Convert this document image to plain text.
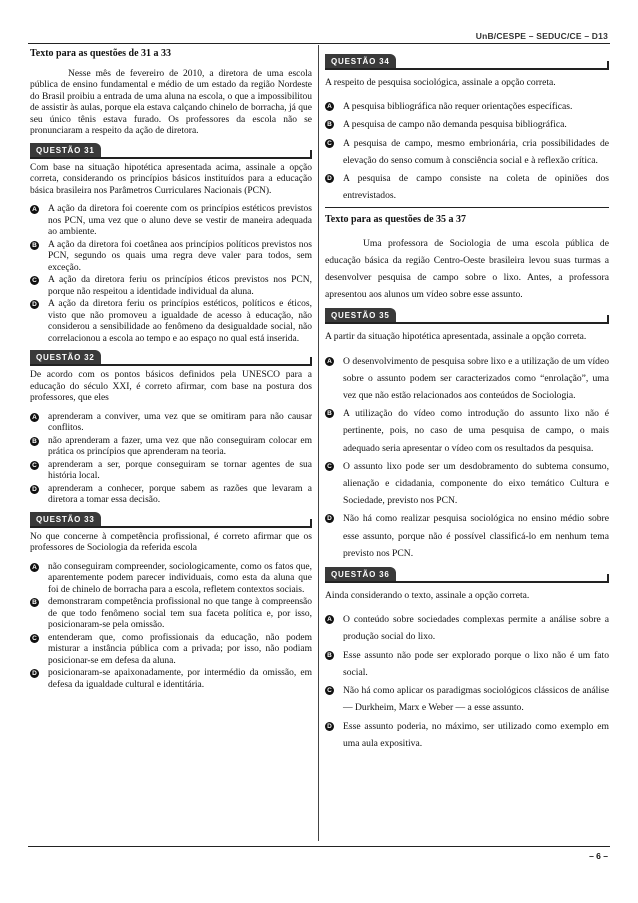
UnB/CESPE – SEDUC/CE – D13

Texto para as questões de 31 a 33

Nesse mês de fevereiro de 2010, a diretora de uma escola pública de ensino fundamental e médio de um estado da região Nordeste do Brasil proibiu a entrada de uma aluna na escola, o que a impossibilitou de assistir às aulas, porque ela estava calçando chinelo de borracha, já que seu único tênis estava furado. Os professores da escola não se pronunciaram a respeito da ação de diretora.

QUESTÃO 31

Com base na situação hipotética apresentada acima, assinale a opção correta, considerando os princípios básicos instituídos para a educação básica brasileira nos Parâmetros Curriculares Nacionais (PCN).

A A ação da diretora foi coerente com os princípios estéticos previstos nos PCN, uma vez que o aluno deve se vestir de maneira adequada ao ambiente.
B A ação da diretora foi coetânea aos princípios políticos previstos nos PCN, segundo os quais uma regra deve valer para todos, sem exceção.
C A ação da diretora feriu os princípios éticos previstos nos PCN, porque não respeitou a identidade individual da aluna.
D A ação da diretora feriu os princípios estéticos, políticos e éticos, visto que não promoveu a igualdade de acesso à educação, não considerou a sensibilidade ao fenômeno da desigualdade social, não correlacionou a escola ao tempo e ao espaço no qual está inserida.
QUESTÃO 32

De acordo com os pontos básicos definidos pela UNESCO para a educação do século XXI, é correto afirmar, com base na postura dos professores, que eles

A aprenderam a conviver, uma vez que se omitiram para não causar conflitos.
B não aprenderam a fazer, uma vez que não conseguiram colocar em prática os princípios que aprenderam na teoria.
C aprenderam a ser, porque conseguiram se tornar agentes de sua história local.
D aprenderam a conhecer, porque sabem as razões que levaram a diretora a tomar essa decisão.
QUESTÃO 33

No que concerne à competência profissional, é correto afirmar que os professores de Sociologia da referida escola

A não conseguiram compreender, sociologicamente, como os fatos que, aparentemente podem parecer individuais, como esta da aluna que foi de chinelo de borracha para a escola, refletem contextos sociais.
B demonstraram competência profissional no que tange à compreensão de que todo fenômeno social tem sua faceta política e, por isso, posicionaram-se pela omissão.
C entenderam que, como profissionais da educação, não podem misturar a instância pública com a privada; por isso, não podiam posicionar-se em defesa da aluna.
D posicionaram-se apaixonadamente, por intermédio da omissão, em defesa da igualdade cultural e identitária.
QUESTÃO 34

A respeito de pesquisa sociológica, assinale a opção correta.

A A pesquisa bibliográfica não requer orientações específicas.
B A pesquisa de campo não demanda pesquisa bibliográfica.
C A pesquisa de campo, mesmo embrionária, cria possibilidades de elevação do senso comum à consciência social e à reflexão crítica.
D A pesquisa de campo consiste na coleta de opiniões dos entrevistados.

Texto para as questões de 35 a 37

Uma professora de Sociologia de uma escola pública de educação básica da região Centro-Oeste brasileira levou suas turmas a desenvolver pesquisa de campo sobre o lixo. Antes, a professora apresentou aos alunos um vídeo sobre esse assunto.

QUESTÃO 35

A partir da situação hipotética apresentada, assinale a opção correta.

A O desenvolvimento de pesquisa sobre lixo e a utilização de um vídeo sobre o assunto podem ser caracterizados como “enrolação”, uma vez que não estão relacionados aos conteúdos de Sociologia.
B A utilização do vídeo como introdução do assunto lixo não é pertinente, pois, no caso de uma pesquisa de campo, o mais adequado seria apresentar o vídeo com os resultados da pesquisa.
C O assunto lixo pode ser um desdobramento do subtema consumo, alienação e cidadania, componente do eixo temático Cultura e Sociedade, previsto nos PCN.
D Não há como realizar pesquisa sociológica no ensino médio sobre esse assunto, porque não é possível classificá-lo em nenhum tema previsto nos PCN.
QUESTÃO 36

Ainda considerando o texto, assinale a opção correta.

A O conteúdo sobre sociedades complexas permite a análise sobre a produção social do lixo.
B Esse assunto não pode ser explorado porque o lixo não é um fato social.
C Não há como aplicar os paradigmas sociológicos clássicos de análise — Durkheim, Marx e Weber — a esse assunto.
D Esse assunto poderia, no máximo, ser utilizado como exemplo em uma aula expositiva.
– 6 –
